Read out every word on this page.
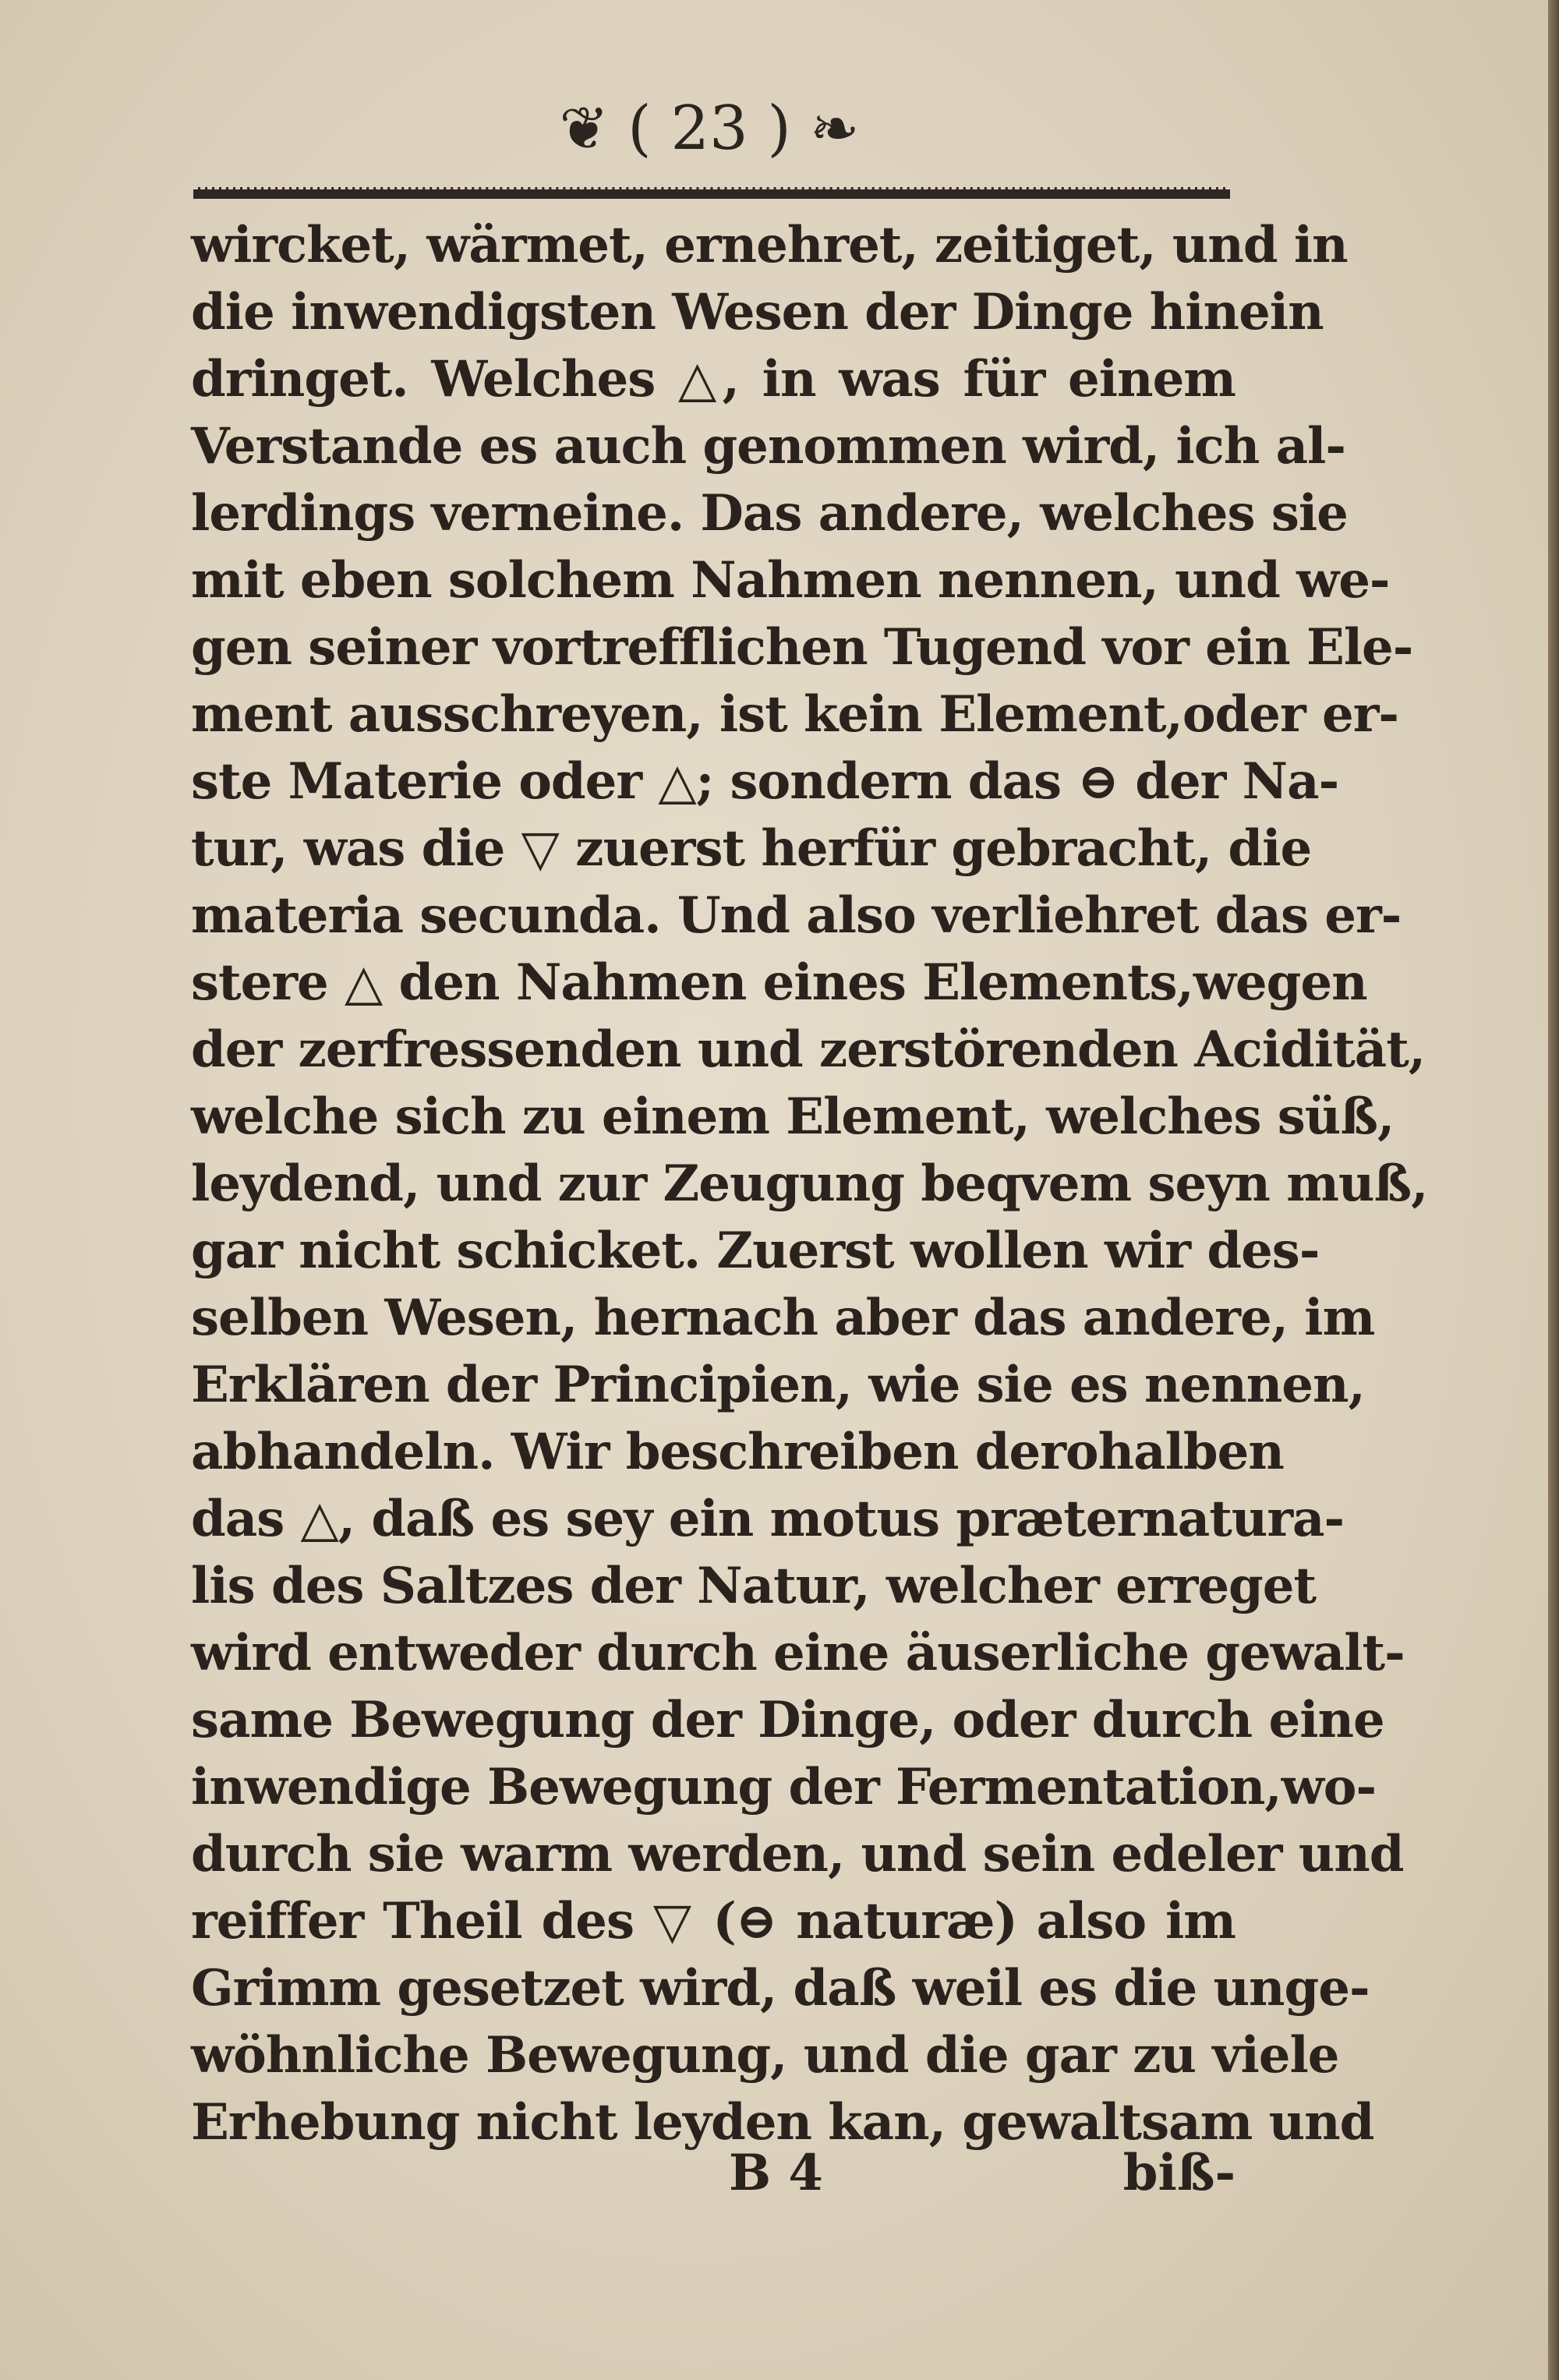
❦ ( 23 ) ❧
wircket, wärmet, ernehret, zeitiget, und in
die inwendigsten Wesen der Dinge hinein
dringet. Welches △, in was für einem
Verstande es auch genommen wird, ich al-
lerdings verneine. Das andere, welches sie
mit eben solchem Nahmen nennen, und we-
gen seiner vortrefflichen Tugend vor ein Ele-
ment ausschreyen, ist kein Element,oder er-
ste Materie oder △; sondern das ⊖ der Na-
tur, was die ▽ zuerst herfür gebracht, die
materia secunda. Und also verliehret das er-
stere △ den Nahmen eines Elements,wegen
der zerfressenden und zerstörenden Acidität,
welche sich zu einem Element, welches süß,
leydend, und zur Zeugung beqvem seyn muß,
gar nicht schicket. Zuerst wollen wir des-
selben Wesen, hernach aber das andere, im
Erklären der Principien, wie sie es nennen,
abhandeln. Wir beschreiben derohalben
das △, daß es sey ein motus præternatura-
lis des Saltzes der Natur, welcher erreget
wird entweder durch eine äuserliche gewalt-
same Bewegung der Dinge, oder durch eine
inwendige Bewegung der Fermentation,wo-
durch sie warm werden, und sein edeler und
reiffer Theil des ▽ (⊖ naturæ) also im
Grimm gesetzet wird, daß weil es die unge-
wöhnliche Bewegung, und die gar zu viele
Erhebung nicht leyden kan, gewaltsam und
B 4	biß-
